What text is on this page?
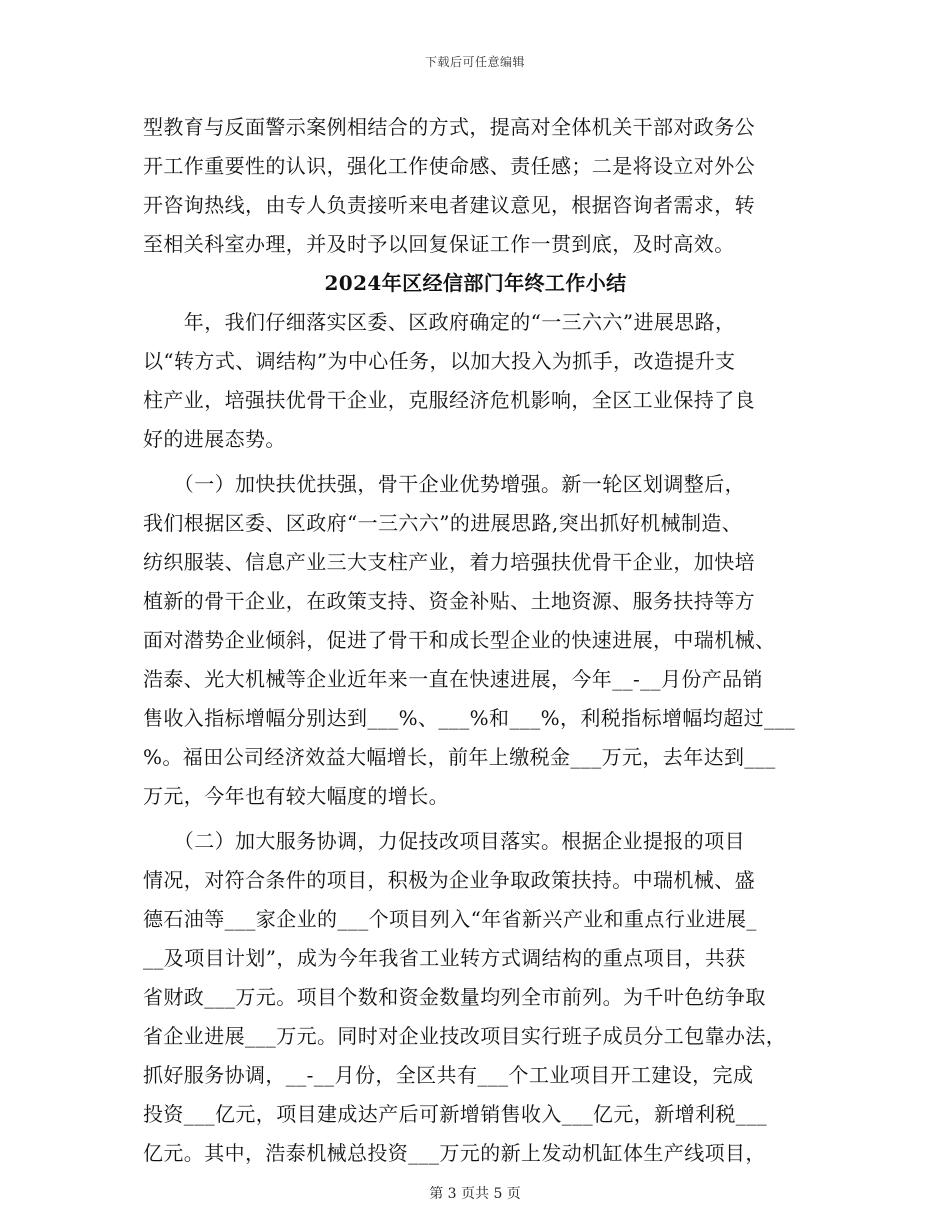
下载后可任意编辑
型教育与反面警示案例相结合的方式，提高对全体机关干部对政务公
开工作重要性的认识，强化工作使命感、责任感；二是将设立对外公
开咨询热线，由专人负责接听来电者建议意见，根据咨询者需求，转
至相关科室办理，并及时予以回复保证工作一贯到底，及时高效。
2024年区经信部门年终工作小结
　　年，我们仔细落实区委、区政府确定的“一三六六”进展思路，
以“转方式、调结构”为中心任务，以加大投入为抓手，改造提升支
柱产业，培强扶优骨干企业，克服经济危机影响，全区工业保持了良
好的进展态势。
　　（一）加快扶优扶强，骨干企业优势增强。新一轮区划调整后，
我们根据区委、区政府“一三六六”的进展思路,突出抓好机械制造、
纺织服装、信息产业三大支柱产业，着力培强扶优骨干企业，加快培
植新的骨干企业，在政策支持、资金补贴、土地资源、服务扶持等方
面对潜势企业倾斜，促进了骨干和成长型企业的快速进展，中瑞机械、
浩泰、光大机械等企业近年来一直在快速进展，今年__-__月份产品销
售收入指标增幅分别达到___%、___%和___%，利税指标增幅均超过___
%。福田公司经济效益大幅增长，前年上缴税金___万元，去年达到___
万元，今年也有较大幅度的增长。
　　（二）加大服务协调，力促技改项目落实。根据企业提报的项目
情况，对符合条件的项目，积极为企业争取政策扶持。中瑞机械、盛
德石油等___家企业的___个项目列入“年省新兴产业和重点行业进展_
__及项目计划”，成为今年我省工业转方式调结构的重点项目，共获
省财政___万元。项目个数和资金数量均列全市前列。为千叶色纺争取
省企业进展___万元。同时对企业技改项目实行班子成员分工包靠办法，
抓好服务协调，__-__月份，全区共有___个工业项目开工建设，完成
投资___亿元，项目建成达产后可新增销售收入___亿元，新增利税___
亿元。其中，浩泰机械总投资___万元的新上发动机缸体生产线项目，
第 3 页共 5 页
